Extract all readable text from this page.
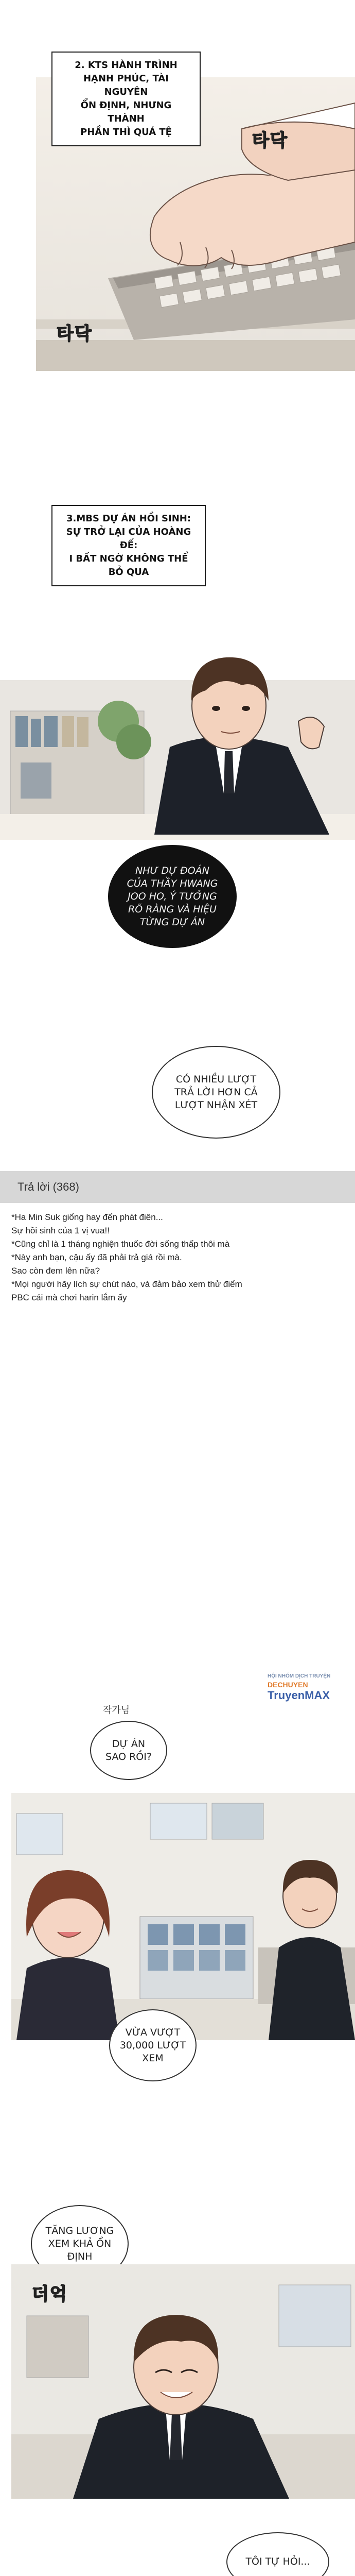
2. KTS HÀNH TRÌNH
HẠNH PHÚC, TÀI NGUYÊN
ỔN ĐỊNH, NHƯNG THÀNH
PHẦN THÌ QUÁ TỆ	타닥
타닥
3.MBS DỰ ÁN HỒI SINH:
SỰ TRỞ LẠI CỦA HOÀNG ĐẾ:
I BẤT NGỜ KHÔNG THỂ
BỎ QUA
NHƯ DỰ ĐOÁN
CỦA THẦY HWANG
JOO HO, Ý TƯỞNG
RÕ RÀNG VÀ HIỆU
TỪNG DỰ ÁN
CÓ NHIỀU LƯỢT
TRẢ LỜI HƠN CẢ
LƯỢT NHẬN XÉT
Trả lời (368)
*Ha Min Suk giống hay đến phát điên...
Sự hồi sinh của 1 vị vua!!
*Cũng chỉ là 1 tháng nghiện thuốc đời sống thấp thôi mà
*Này anh bạn, cậu ấy đã phải trả giá rồi mà.
Sao còn đem lên nữa?
*Mọi người hãy lích sự chút nào, và đảm bảo xem thử điểm
PBC cái mà chơi harin lắm ấy
작가님
DỰ ÁN
SAO RỒI?
VỪA VƯỢT
30,000 LƯỢT
XEM
TĂNG LƯƠNG
XEM KHẢ ỔN
ĐỊNH
더억
TÔI TỰ HỎI...
HỘI NHÓM DỊCH TRUYỆN
DECHUYEN
TruyenMAX
